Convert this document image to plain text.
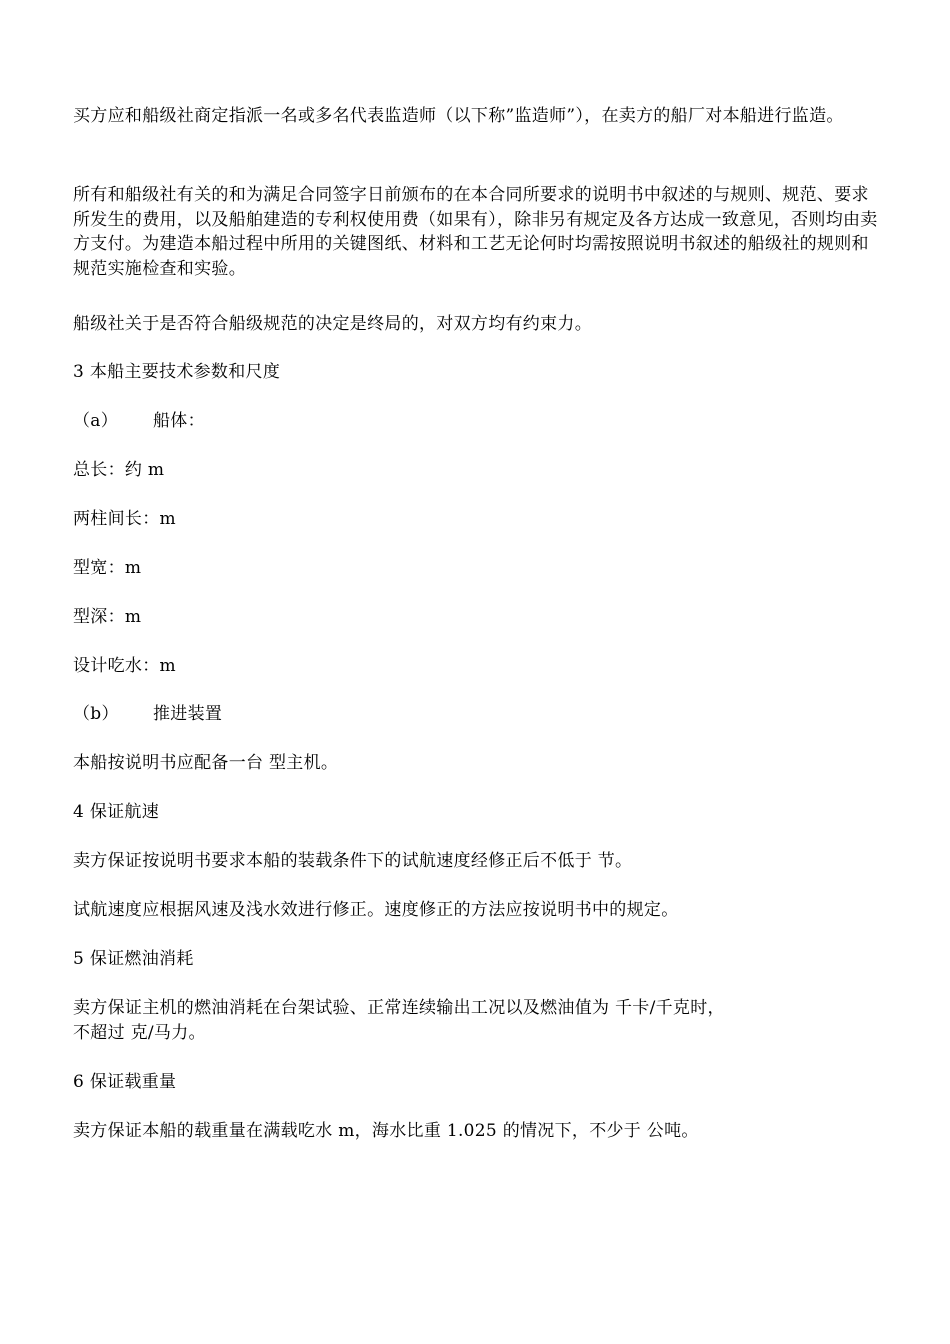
买方应和船级社商定指派一名或多名代表监造师（以下称”监造师”），在卖方的船厂对本船进行监造。

所有和船级社有关的和为满足合同签字日前颁布的在本合同所要求的说明书中叙述的与规则、规范、要求所发生的费用，以及船舶建造的专利权使用费（如果有），除非另有规定及各方达成一致意见，否则均由卖方支付。为建造本船过程中所用的关键图纸、材料和工艺无论何时均需按照说明书叙述的船级社的规则和规范实施检查和实验。

船级社关于是否符合船级规范的决定是终局的，对双方均有约束力。

3 本船主要技术参数和尺度

（a） 船体：

总长：约 m

两柱间长：m

型宽：m

型深：m

设计吃水：m

（b） 推进装置

本船按说明书应配备一台 型主机。

4 保证航速

卖方保证按说明书要求本船的装载条件下的试航速度经修正后不低于 节。

试航速度应根据风速及浅水效进行修正。速度修正的方法应按说明书中的规定。

5 保证燃油消耗

卖方保证主机的燃油消耗在台架试验、正常连续输出工况以及燃油值为 千卡/千克时，不超过 克/马力。

6 保证载重量

卖方保证本船的载重量在满载吃水 m，海水比重 1.025 的情况下，不少于 公吨。
